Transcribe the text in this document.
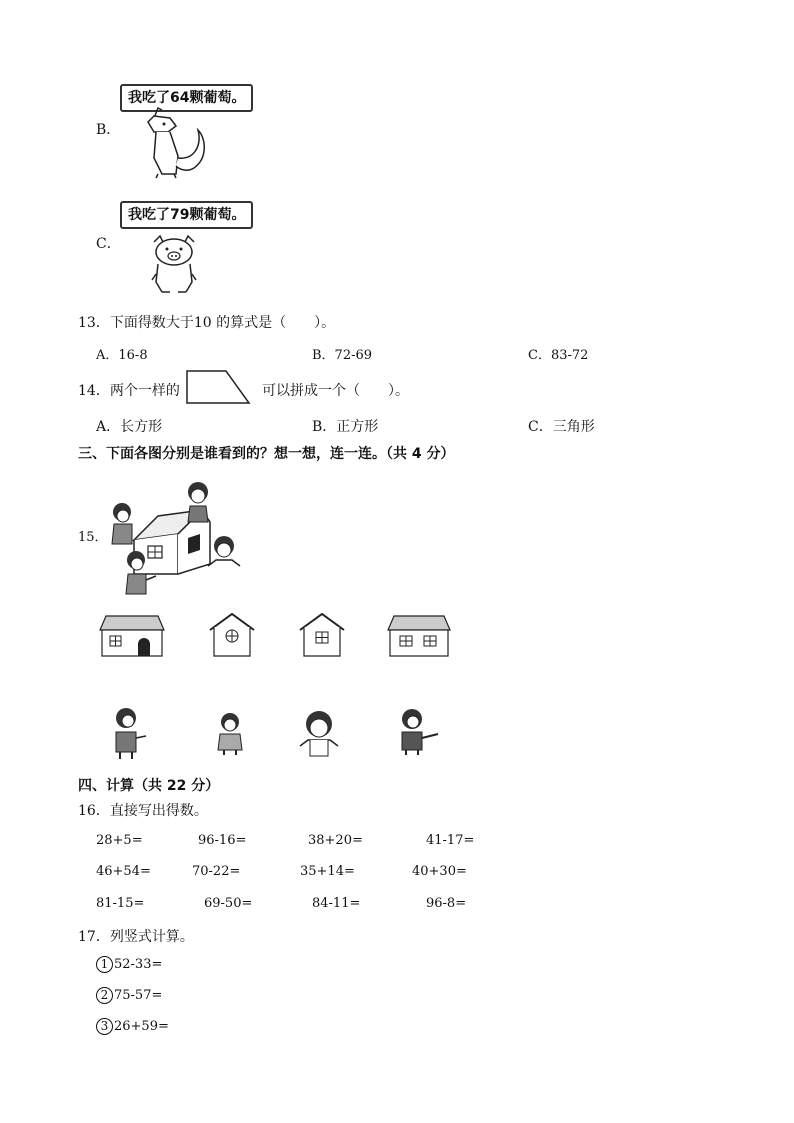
B．
我吃了64颗葡萄。
C．
我吃了79颗葡萄。
13．下面得数大于10 的算式是（　　）。
A．16-8	B．72-69	C．83-72
14．两个一样的	可以拼成一个（　　）。
A．长方形	B．正方形	C．三角形
三、下面各图分别是谁看到的？想一想，连一连。（共 4 分）
15．
四、计算（共 22 分）
16．直接写出得数。
28+5=	96-16=	38+20=	41-17=
46+54=	70-22=	35+14=	40+30=
81-15=	69-50=	84-11=	96-8=
17．列竖式计算。
1 52-33=
2 75-57=
3 26+59=
